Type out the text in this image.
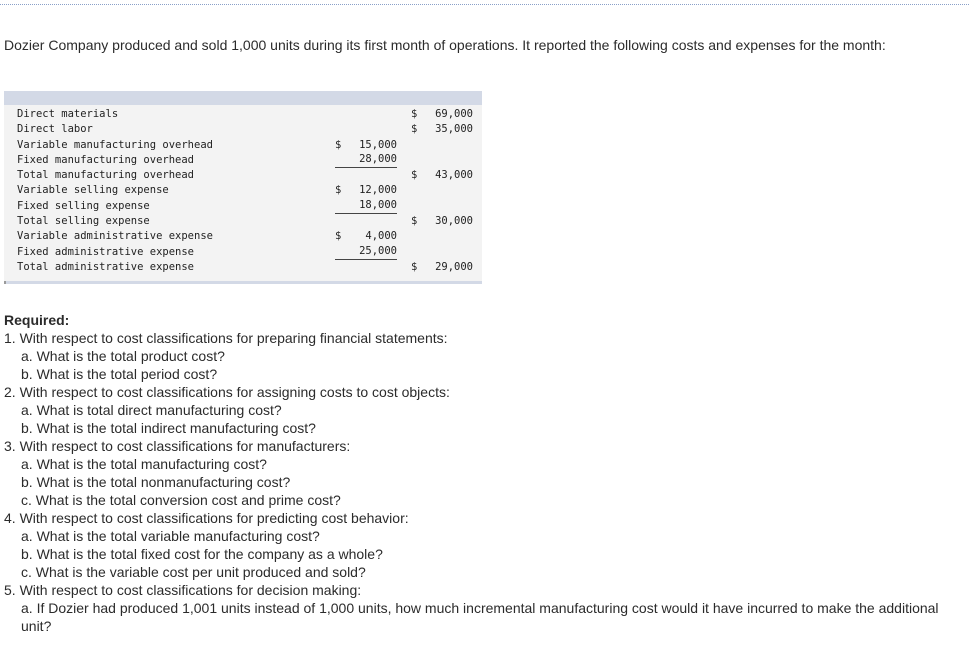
Dozier Company produced and sold 1,000 units during its first month of operations. It reported the following costs and expenses for the month:
Direct materials	$ 69,000
Direct labor	$ 35,000
Variable manufacturing overhead	$ 15,000
Fixed manufacturing overhead	28,000
Total manufacturing overhead	$ 43,000
Variable selling expense	$ 12,000
Fixed selling expense	18,000
Total selling expense	$ 30,000
Variable administrative expense	$ 4,000
Fixed administrative expense	25,000
Total administrative expense	$ 29,000
Required:
1. With respect to cost classifications for preparing financial statements:
a. What is the total product cost?
b. What is the total period cost?
2. With respect to cost classifications for assigning costs to cost objects:
a. What is total direct manufacturing cost?
b. What is the total indirect manufacturing cost?
3. With respect to cost classifications for manufacturers:
a. What is the total manufacturing cost?
b. What is the total nonmanufacturing cost?
c. What is the total conversion cost and prime cost?
4. With respect to cost classifications for predicting cost behavior:
a. What is the total variable manufacturing cost?
b. What is the total fixed cost for the company as a whole?
c. What is the variable cost per unit produced and sold?
5. With respect to cost classifications for decision making:
a. If Dozier had produced 1,001 units instead of 1,000 units, how much incremental manufacturing cost would it have incurred to make the additional unit?
